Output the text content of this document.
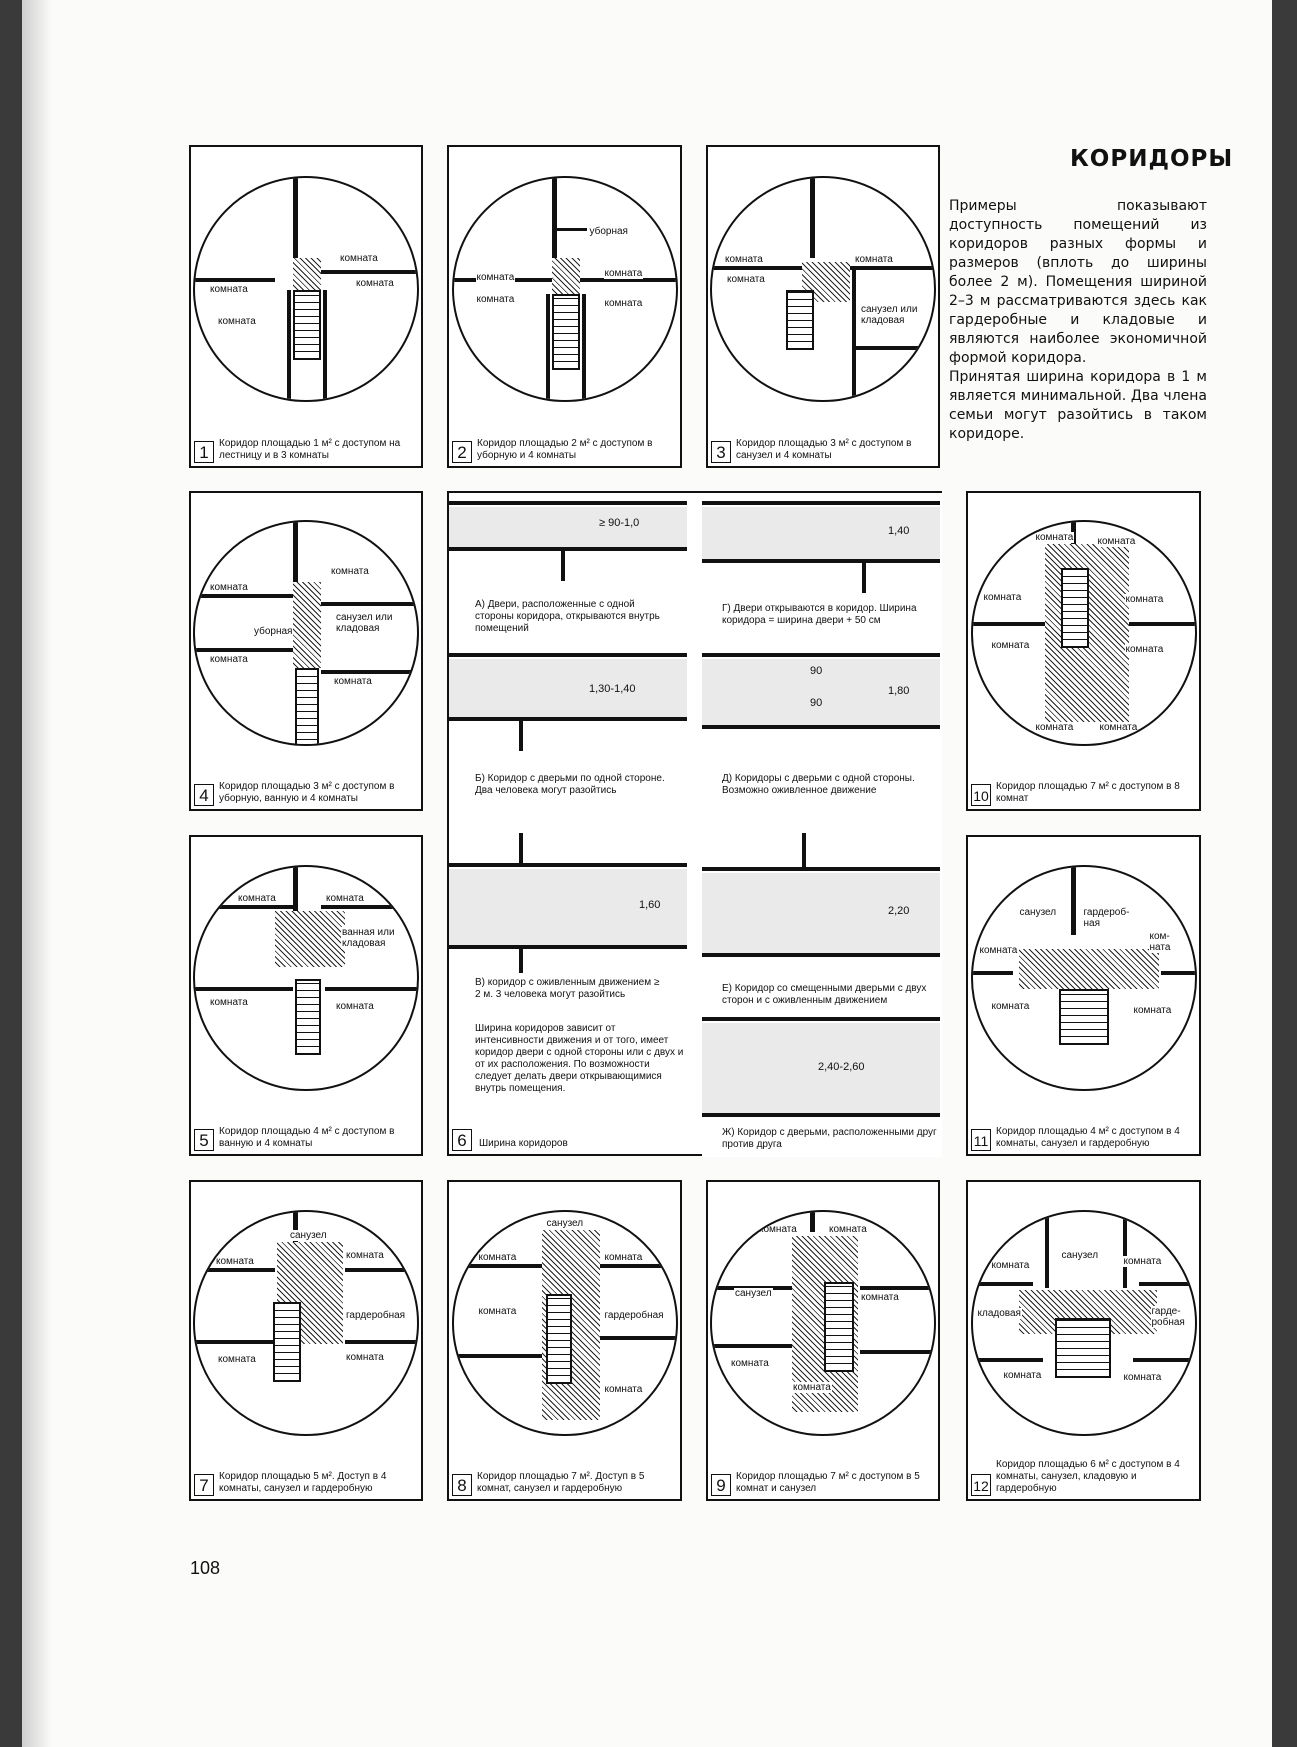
КОРИДОРЫ

Примеры показывают доступность помещений из коридоров разных формы и размеров (вплоть до ширины более 2 м). Помещения шириной 2–3 м рассматриваются здесь как гардеробные и кладовые и являются наиболее экономичной формой коридора.

Принятая ширина коридора в 1 м является минимальной. Два члена семьи могут разойтись в таком коридоре.

комната
комната
комната
комната
1	Коридор площадью 1 м² с доступом на лестницу и в 3 комнаты
уборная
комната	комната
комната	комната
2	Коридор площадью 2 м² с доступом в уборную и 4 комнаты
комната	комната
комната
санузел или кладовая
3	Коридор площадью 3 м² с доступом в санузел и 4 комнаты
комната
комната
санузел или кладовая
уборная
комната
комната
4	Коридор площадью 3 м² с доступом в уборную, ванную и 4 комнаты
≥ 90-1,0
А) Двери, расположенные с одной стороны коридора, открываются внутрь помещений
1,40
Г) Двери открываются в коридор. Ширина коридора = ширина двери + 50 см
1,30-1,40
Б) Коридор с дверьми по одной стороне. Два человека могут разойтись
90
90
1,80
Д) Коридоры с дверьми с одной стороны. Возможно оживленное движение
1,60
В) коридор с оживленным движением ≥ 2 м. 3 человека могут разойтись
2,20
Е) Коридор со смещенными дверьми с двух сторон и с оживленным движением
Ширина коридоров зависит от интенсивности движения и от того, имеет коридор двери с одной стороны или с двух и от их расположения. По возможности следует делать двери открывающимися внутрь помещения.
2,40-2,60
Ж) Коридор с дверьми, расположенными друг против друга
6	Ширина коридоров
комната комната
комната	комната
комната	комната
комната	комната
10
Коридор площадью 7 м² с доступом в 8 комнат
комната	комната
ванная или кладовая
комната	комната
5	Коридор площадью 4 м² с доступом в ванную и 4 комнаты
санузел	гардероб-ная
ком-ната
комната
комната	комната
11
Коридор площадью 4 м² с доступом в 4 комнаты, санузел и гардеробную
санузел
комната
комната
гардеробная
комната	комната
7	Коридор площадью 5 м². Доступ в 4 комнаты, санузел и гардеробную
санузел
комната	комната
комната	гардеробная
комната
8	Коридор площадью 7 м². Доступ в 5 комнат, санузел и гардеробную
комната	комната
санузел	комната
комната
комната
9	Коридор площадью 7 м² с доступом в 5 комнат и санузел
комната
санузел
комната
кладовая	гарде-робная
комната	комната
12
Коридор площадью 6 м² с доступом в 4 комнаты, санузел, кладовую и гардеробную
108
